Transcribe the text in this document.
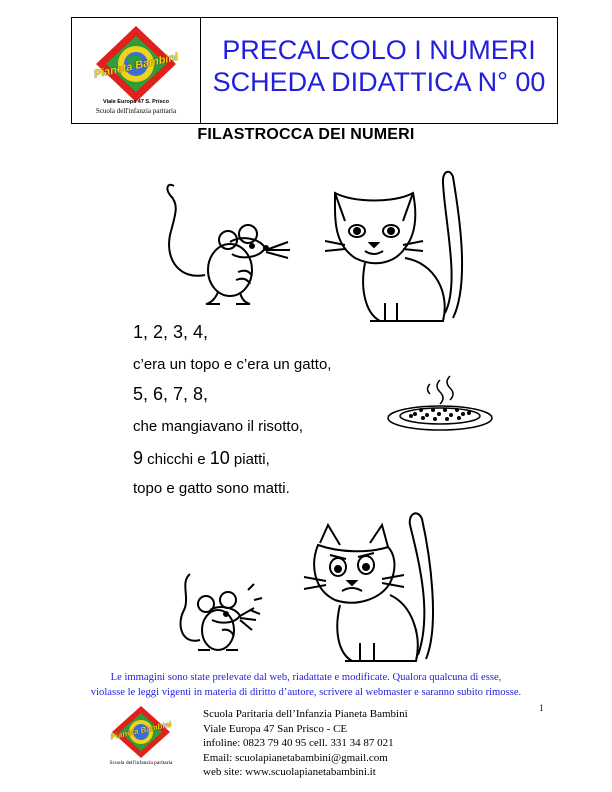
Pianeta Bambini
Viale Europa 47 S. Prisco
Scuola dell'infanzia paritaria
PRECALCOLO I NUMERI
SCHEDA DIDATTICA N° 00
FILASTROCCA DEI NUMERI
1, 2, 3, 4,
c’era un topo e c’era un gatto,
5, 6, 7, 8,
che mangiavano il risotto,
9 chicchi e 10 piatti,
topo e gatto sono matti.
Le immagini sono state prelevate dal web, riadattate e modificate. Qualora qualcuna di esse,
violasse le leggi vigenti in materia di diritto d’autore, scrivere al webmaster e saranno subito rimosse.
1
Pianeta Bambini
Scuola dell'infanzia paritaria
Scuola Paritaria dell’Infanzia Pianeta Bambini
Viale Europa 47 San Prisco - CE
infoline: 0823 79 40 95 cell. 331 34 87 021
Email: scuolapianetabambini@gmail.com
web site: www.scuolapianetabambini.it
